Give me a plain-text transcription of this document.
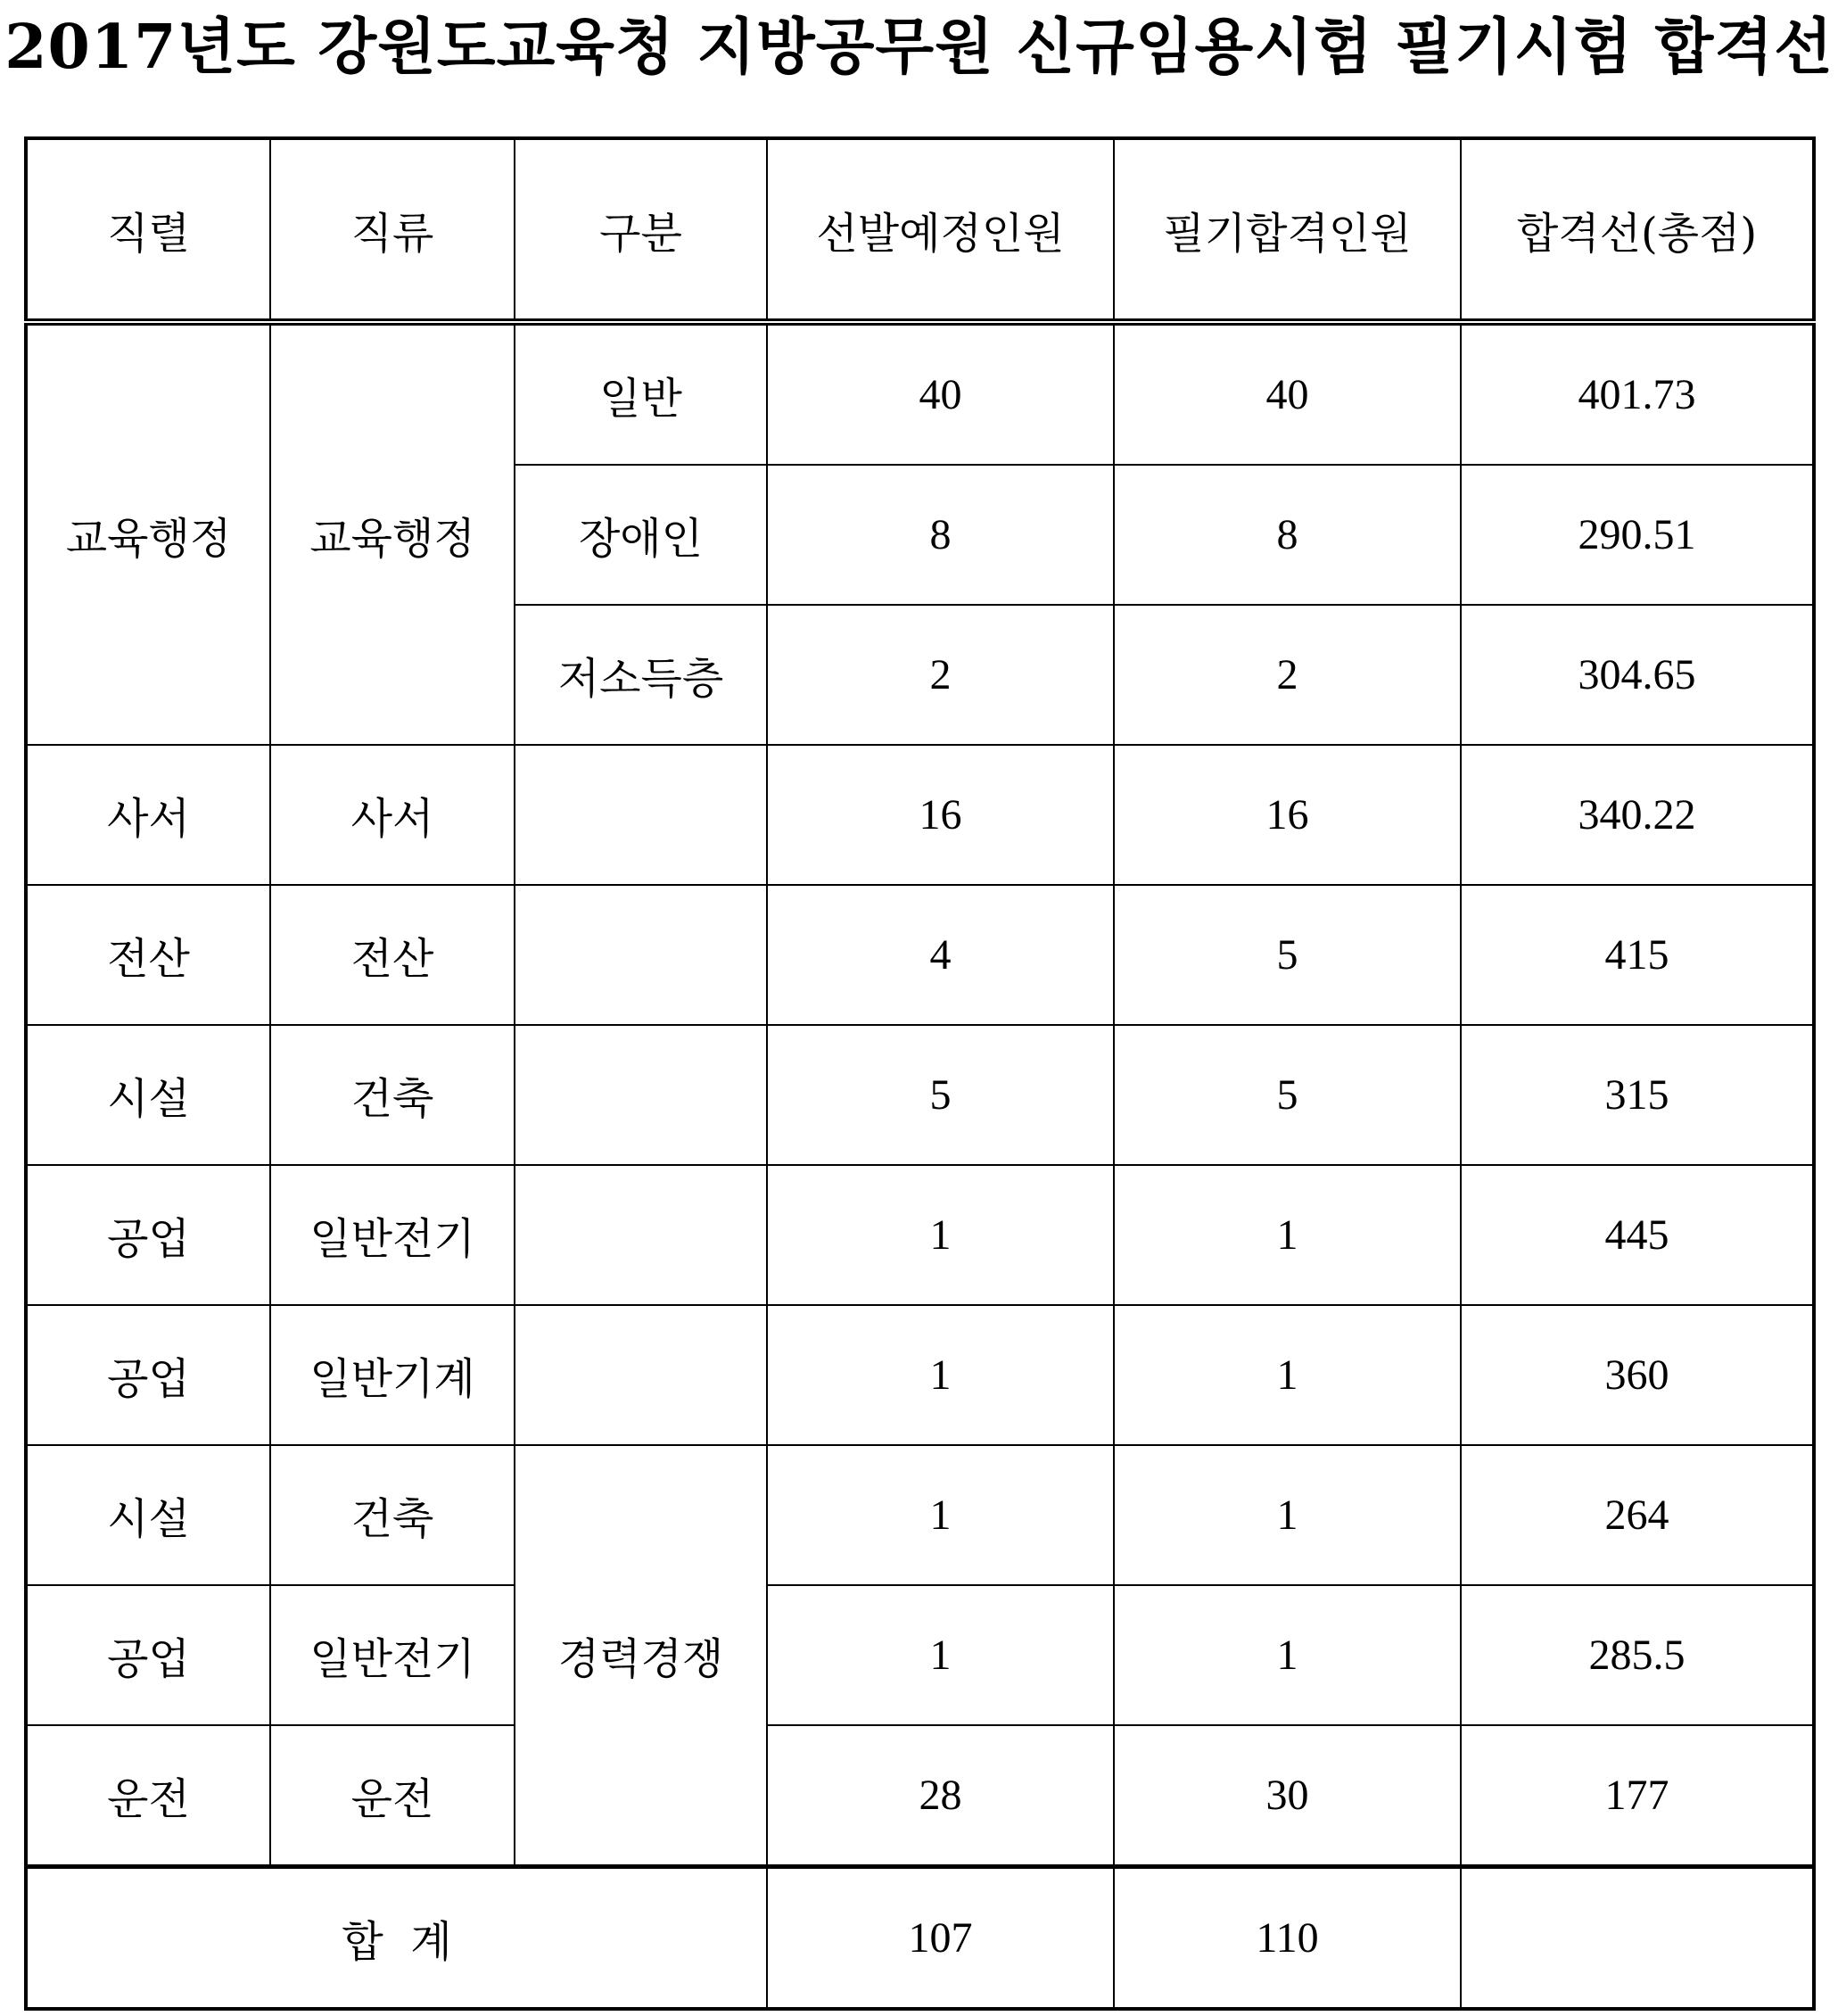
2017년도 강원도교육청 지방공무원 신규임용시험 필기시험 합격선
직렬	직류	구분	선발예정인원	필기합격인원	합격선(총점)
교육행정	교육행정	일반	40	40	401.73
		장애인	8	8	290.51
		저소득층	2	2	304.65
사서	사서		16	16	340.22
전산	전산		4	5	415
시설	건축		5	5	315
공업	일반전기		1	1	445
공업	일반기계		1	1	360
시설	건축	경력경쟁	1	1	264
공업	일반전기		1	1	285.5
운전	운전		28	30	177
합  계			107	110	
